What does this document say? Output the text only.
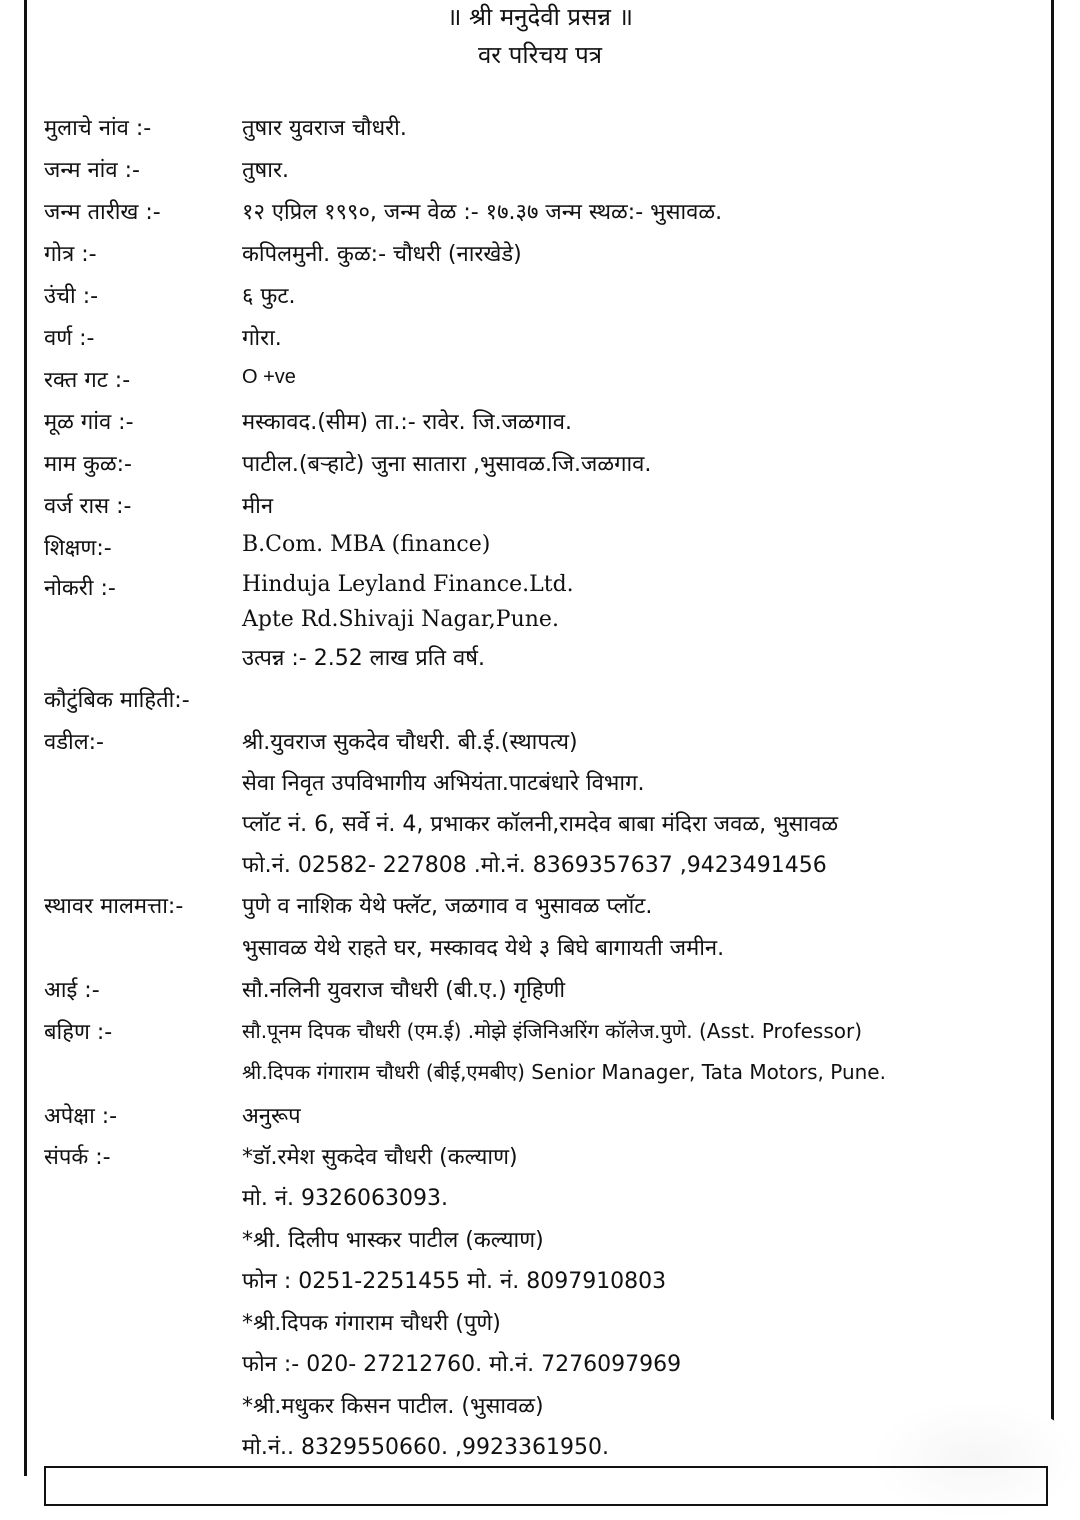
॥ श्री मनुदेवी प्रसन्न ॥
वर परिचय पत्र
मुलाचे नांव :-	तुषार युवराज चौधरी.
जन्म नांव :-	तुषार.
जन्म तारीख :-	१२ एप्रिल १९९०, जन्म वेळ :- १७.३७ जन्म स्थळ:- भुसावळ.
गोत्र :-	कपिलमुनी. कुळ:- चौधरी (नारखेडे)
उंची :-	६ फुट.
वर्ण :-	गोरा.
रक्त गट :-	O +ve
मूळ गांव :-	मस्कावद.(सीम) ता.:- रावेर. जि.जळगाव.
माम कुळ:-	पाटील.(बऱ्हाटे) जुना सातारा ,भुसावळ.जि.जळगाव.
वर्ज रास :-	मीन
शिक्षण:-	B.Com. MBA (finance)
नोकरी :-	Hinduja Leyland Finance.Ltd.
Apte Rd.Shivaji Nagar,Pune.
उत्पन्न :- 2.52 लाख प्रति वर्ष.
कौटुंबिक माहिती:-
वडील:-	श्री.युवराज सुकदेव चौधरी. बी.ई.(स्थापत्य)
सेवा निवृत उपविभागीय अभियंता.पाटबंधारे विभाग.
प्लॉट नं. 6, सर्वे नं. 4, प्रभाकर कॉलनी,रामदेव बाबा मंदिरा जवळ, भुसावळ
फो.नं. 02582- 227808 .मो.नं. 8369357637 ,9423491456
स्थावर मालमत्ता:-	पुणे व नाशिक येथे फ्लॅट, जळगाव व भुसावळ प्लॉट.
भुसावळ येथे राहते घर, मस्कावद येथे ३ बिघे बागायती जमीन.
आई :-	सौ.नलिनी युवराज चौधरी (बी.ए.) गृहिणी
बहिण :-	सौ.पूनम दिपक चौधरी (एम.ई) .मोझे इंजिनिअरिंग कॉलेज.पुणे. (Asst. Professor)
श्री.दिपक गंगाराम चौधरी (बीई,एमबीए) Senior Manager, Tata Motors, Pune.
अपेक्षा :-	अनुरूप
संपर्क :-	*डॉ.रमेश सुकदेव चौधरी (कल्याण)
मो. नं. 9326063093.
*श्री. दिलीप भास्कर पाटील (कल्याण)
फोन : 0251-2251455 मो. नं. 8097910803
*श्री.दिपक गंगाराम चौधरी (पुणे)
फोन :- 020- 27212760. मो.नं. 7276097969
*श्री.मधुकर किसन पाटील. (भुसावळ)
मो.नं.. 8329550660. ,9923361950.
